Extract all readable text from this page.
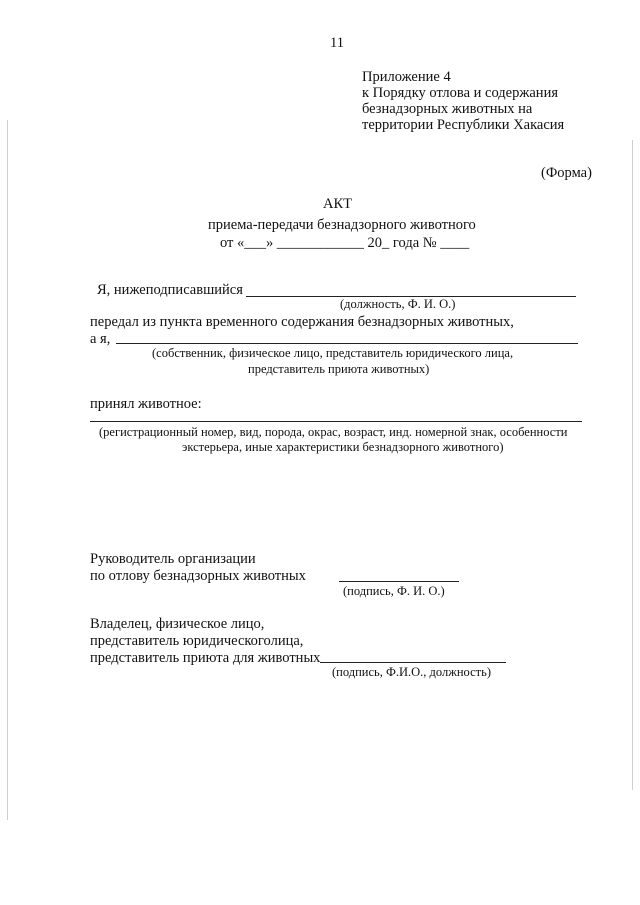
11
Приложение 4
к Порядку отлова и содержания
безнадзорных животных на
территории Республики Хакасия
(Форма)
АКТ
приема-передачи безнадзорного животного
от «___» ____________ 20_ года № ____
Я, нижеподписавшийся
(должность, Ф. И. О.)
передал из пункта временного содержания безнадзорных животных,
а я,
(собственник, физическое лицо, представитель юридического лица,
представитель приюта животных)
принял животное:
(регистрационный номер, вид, порода, окрас, возраст, инд. номерной знак, особенности
экстерьера, иные характеристики безнадзорного животного)
Руководитель организации
по отлову безнадзорных животных
(подпись, Ф. И. О.)
Владелец, физическое лицо,
представитель юридическоголица,
представитель приюта для животных
(подпись, Ф.И.О., должность)
